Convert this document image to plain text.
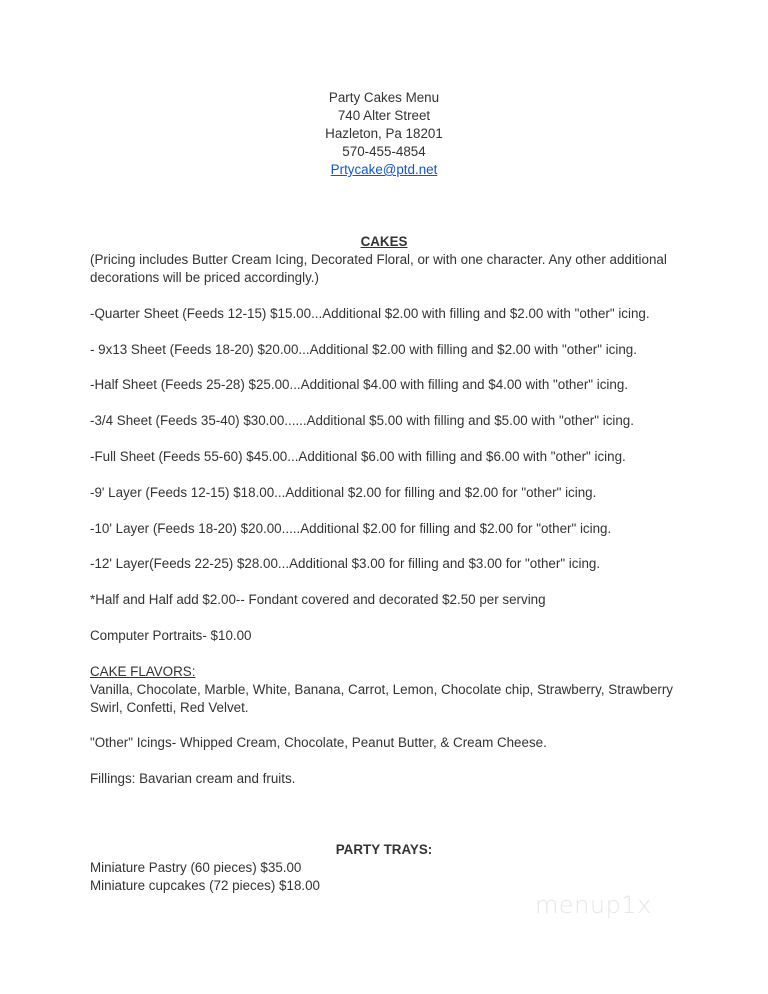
Party Cakes Menu
740 Alter Street
Hazleton, Pa 18201
570-455-4854
Prtycake@ptd.net
CAKES
(Pricing includes Butter Cream Icing, Decorated Floral, or with one character. Any other additional decorations will be priced accordingly.)
-Quarter Sheet (Feeds 12-15) $15.00...Additional $2.00 with filling and $2.00 with "other" icing.
- 9x13 Sheet (Feeds 18-20) $20.00...Additional $2.00 with filling and $2.00 with "other" icing.
-Half Sheet (Feeds 25-28) $25.00...Additional $4.00 with filling and $4.00 with "other" icing.
-3/4 Sheet (Feeds 35-40) $30.00......Additional $5.00 with filling and $5.00 with "other" icing.
-Full Sheet (Feeds 55-60) $45.00...Additional $6.00 with filling and $6.00 with "other" icing.
-9' Layer (Feeds 12-15) $18.00...Additional $2.00 for filling and $2.00 for "other" icing.
-10' Layer (Feeds 18-20) $20.00.....Additional $2.00 for filling and $2.00 for "other" icing.
-12' Layer(Feeds 22-25) $28.00...Additional $3.00 for filling and $3.00 for "other" icing.
*Half and Half add $2.00-- Fondant covered and decorated $2.50 per serving
Computer Portraits- $10.00
CAKE FLAVORS:
Vanilla, Chocolate, Marble, White, Banana, Carrot, Lemon, Chocolate chip, Strawberry, Strawberry Swirl, Confetti, Red Velvet.
"Other" Icings- Whipped Cream, Chocolate, Peanut Butter, & Cream Cheese.
Fillings: Bavarian cream and fruits.
PARTY TRAYS:
Miniature Pastry (60 pieces) $35.00
Miniature cupcakes (72 pieces) $18.00
menup1x
